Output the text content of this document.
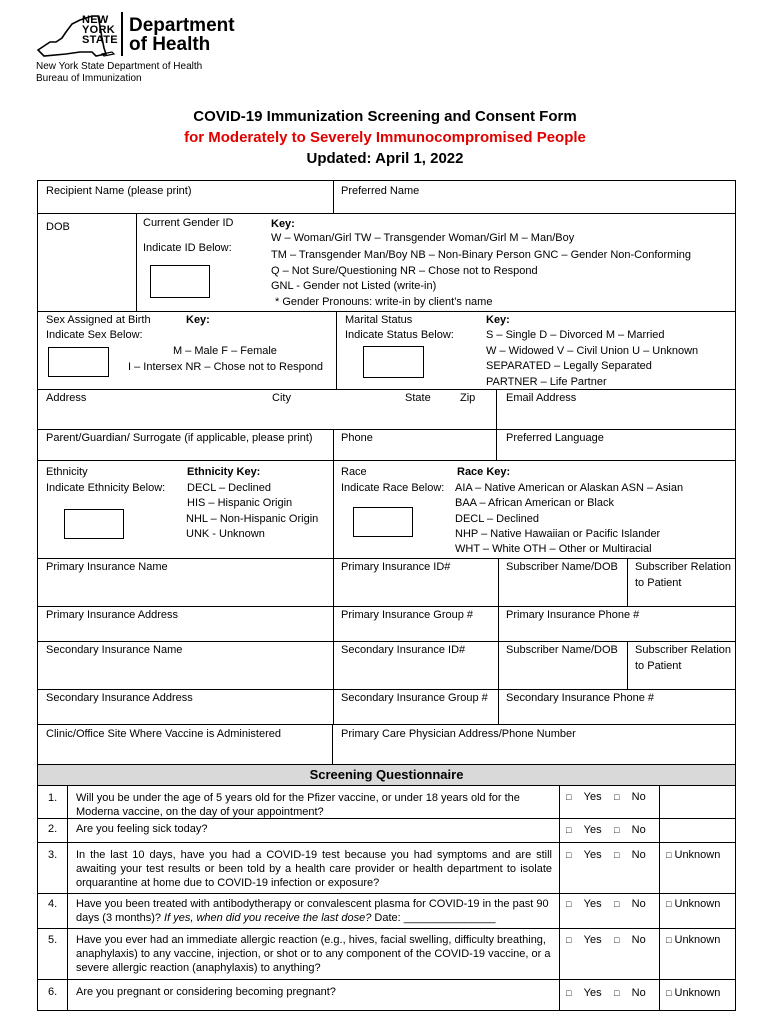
NEW
YORK
STATE
Department
of Health
New York State Department of Health
Bureau of Immunization
COVID-19 Immunization Screening and Consent Form
for Moderately to Severely Immunocompromised People
Updated: April 1, 2022
Recipient Name (please print)	Preferred Name
DOB	Current Gender ID
Indicate ID Below:
Key:
W – Woman/Girl TW – Transgender Woman/Girl M – Man/Boy
TM – Transgender Man/Boy NB – Non-Binary Person GNC – Gender Non-Conforming
Q – Not Sure/Questioning NR – Chose not to Respond
GNL - Gender not Listed (write-in)
* Gender Pronouns: write-in by client’s name
Sex Assigned at Birth
Indicate Sex Below:
Key:
M – Male F – Female
I – Intersex NR – Chose not to Respond
Marital Status
Indicate Status Below:
Key:
S – Single D – Divorced M – Married
W – Widowed V – Civil Union U – Unknown
SEPARATED – Legally Separated
PARTNER – Life Partner
Address	City	State	Zip	Email Address
Parent/Guardian/ Surrogate (if applicable, please print)	Phone	Preferred Language
Ethnicity
Indicate Ethnicity Below:
Ethnicity Key:
DECL – Declined
HIS – Hispanic Origin
NHL – Non-Hispanic Origin
UNK - Unknown
Race
Indicate Race Below:
Race Key:
AIA – Native American or Alaskan ASN – Asian
BAA – African American or Black
DECL – Declined
NHP – Native Hawaiian or Pacific Islander
WHT – White OTH – Other or Multiracial
Primary Insurance Name	Primary Insurance ID#	Subscriber Name/DOB Subscriber Relation
to Patient
Primary Insurance Address	Primary Insurance Group #	Primary Insurance Phone #
Secondary Insurance Name	Secondary Insurance ID#	Subscriber Name/DOB Subscriber Relation
to Patient
Secondary Insurance Address	Secondary Insurance Group # Secondary Insurance Phone #
Clinic/Office Site Where Vaccine is Administered	Primary Care Physician Address/Phone Number
Screening Questionnaire
1. Will you be under the age of 5 years old for the Pfizer vaccine, or under 18 years old for the Moderna vaccine, on the day of your appointment?
□ Yes □ No
2. Are you feeling sick today?	□ Yes □ No
3. In the last 10 days, have you had a COVID-19 test because you had symptoms and are still awaiting your test results or been told by a health care provider or health department to isolate orquarantine at home due to COVID-19 infection or exposure?
□ Yes □ No □ Unknown
4. Have you been treated with antibodytherapy or convalescent plasma for COVID-19 in the past 90 days (3 months)? If yes, when did you receive the last dose? Date: _______________
□ Yes □ No □ Unknown
5. Have you ever had an immediate allergic reaction (e.g., hives, facial swelling, difficulty breathing, anaphylaxis) to any vaccine, injection, or shot or to any component of the COVID-19 vaccine, or a severe allergic reaction (anaphylaxis) to anything?
□ Yes □ No □ Unknown
6. Are you pregnant or considering becoming pregnant?	□ Yes □ No □ Unknown
